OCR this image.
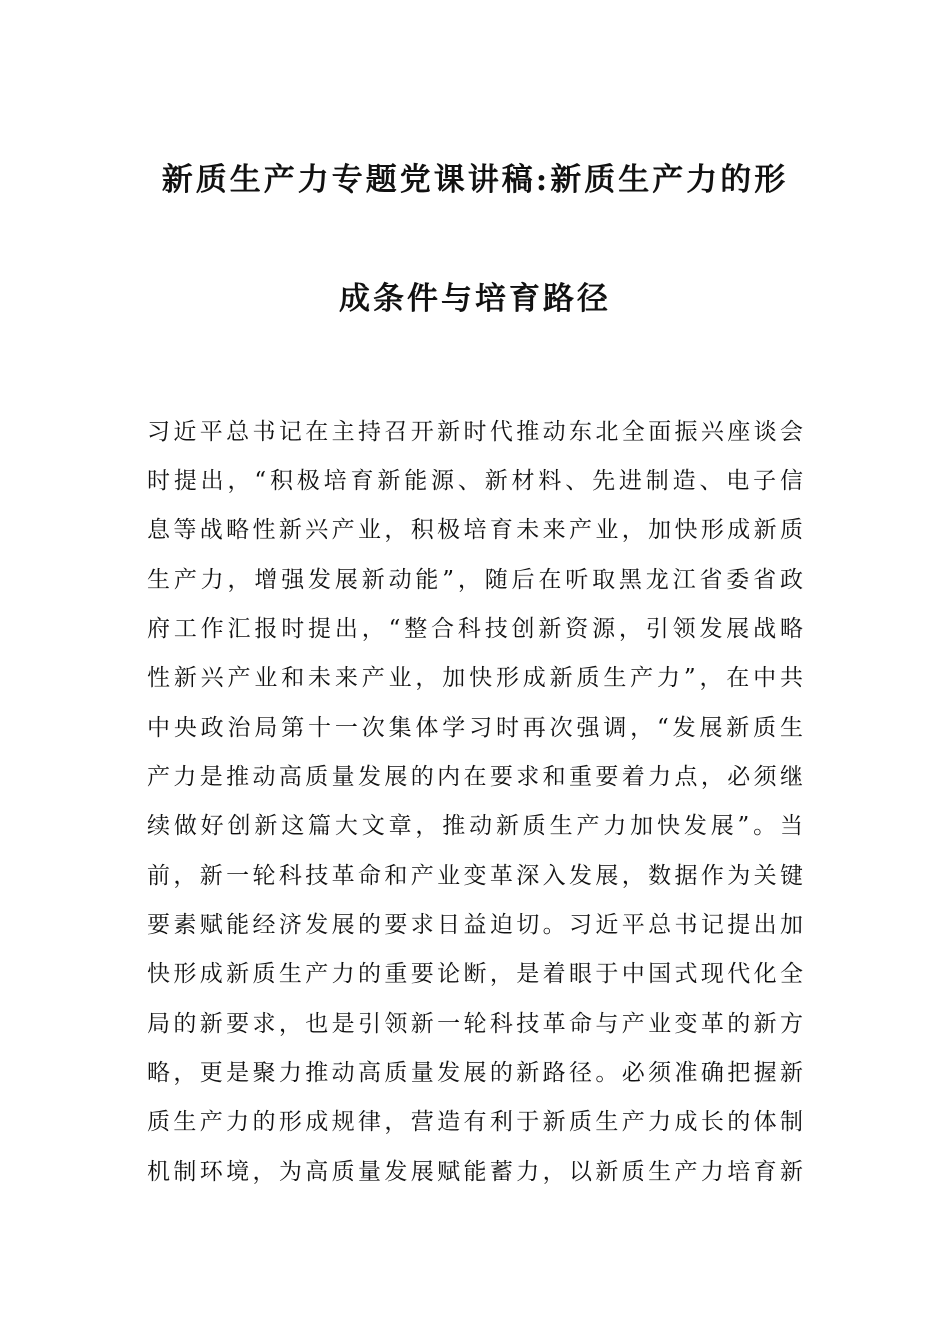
新质生产力专题党课讲稿:新质生产力的形
成条件与培育路径
习近平总书记在主持召开新时代推动东北全面振兴座谈会
时提出，“积极培育新能源、新材料、先进制造、电子信
息等战略性新兴产业，积极培育未来产业，加快形成新质
生产力，增强发展新动能”，随后在听取黑龙江省委省政
府工作汇报时提出，“整合科技创新资源，引领发展战略
性新兴产业和未来产业，加快形成新质生产力”，在中共
中央政治局第十一次集体学习时再次强调，“发展新质生
产力是推动高质量发展的内在要求和重要着力点，必须继
续做好创新这篇大文章，推动新质生产力加快发展”。当
前，新一轮科技革命和产业变革深入发展，数据作为关键
要素赋能经济发展的要求日益迫切。习近平总书记提出加
快形成新质生产力的重要论断，是着眼于中国式现代化全
局的新要求，也是引领新一轮科技革命与产业变革的新方
略，更是聚力推动高质量发展的新路径。必须准确把握新
质生产力的形成规律，营造有利于新质生产力成长的体制
机制环境，为高质量发展赋能蓄力，以新质生产力培育新
